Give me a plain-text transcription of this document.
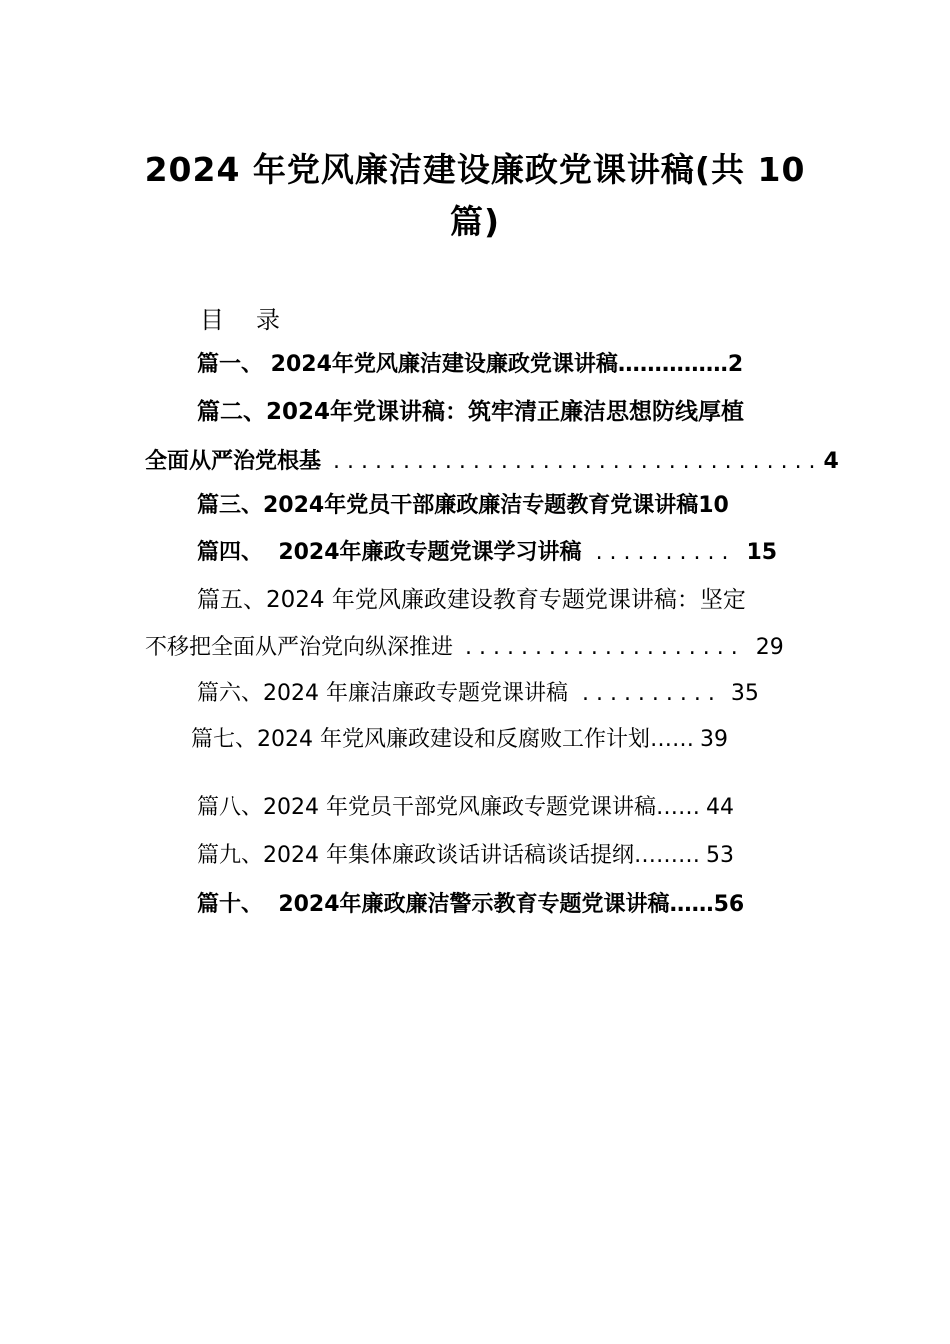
2024 年党风廉洁建设廉政党课讲稿(共 10
篇)
目 录
篇一、 2024年党风廉洁建设廉政党课讲稿……………2
篇二、2024年党课讲稿：筑牢清正廉洁思想防线厚植
全面从严治党根基 . . . . . . . . . . . . . . . . . . . . . . . . . . . . . . . . . . . 4
篇三、2024年党员干部廉政廉洁专题教育党课讲稿10
篇四、  2024年廉政专题党课学习讲稿 . . . . . . . . . . 15
篇五、2024 年党风廉政建设教育专题党课讲稿：坚定
不移把全面从严治党向纵深推进 . . . . . . . . . . . . . . . . . . . . 29
篇六、2024 年廉洁廉政专题党课讲稿 . . . . . . . . . . 35
篇七、2024 年党风廉政建设和反腐败工作计划…… 39
篇八、2024 年党员干部党风廉政专题党课讲稿…… 44
篇九、2024 年集体廉政谈话讲话稿谈话提纲……… 53
篇十、  2024年廉政廉洁警示教育专题党课讲稿……56
